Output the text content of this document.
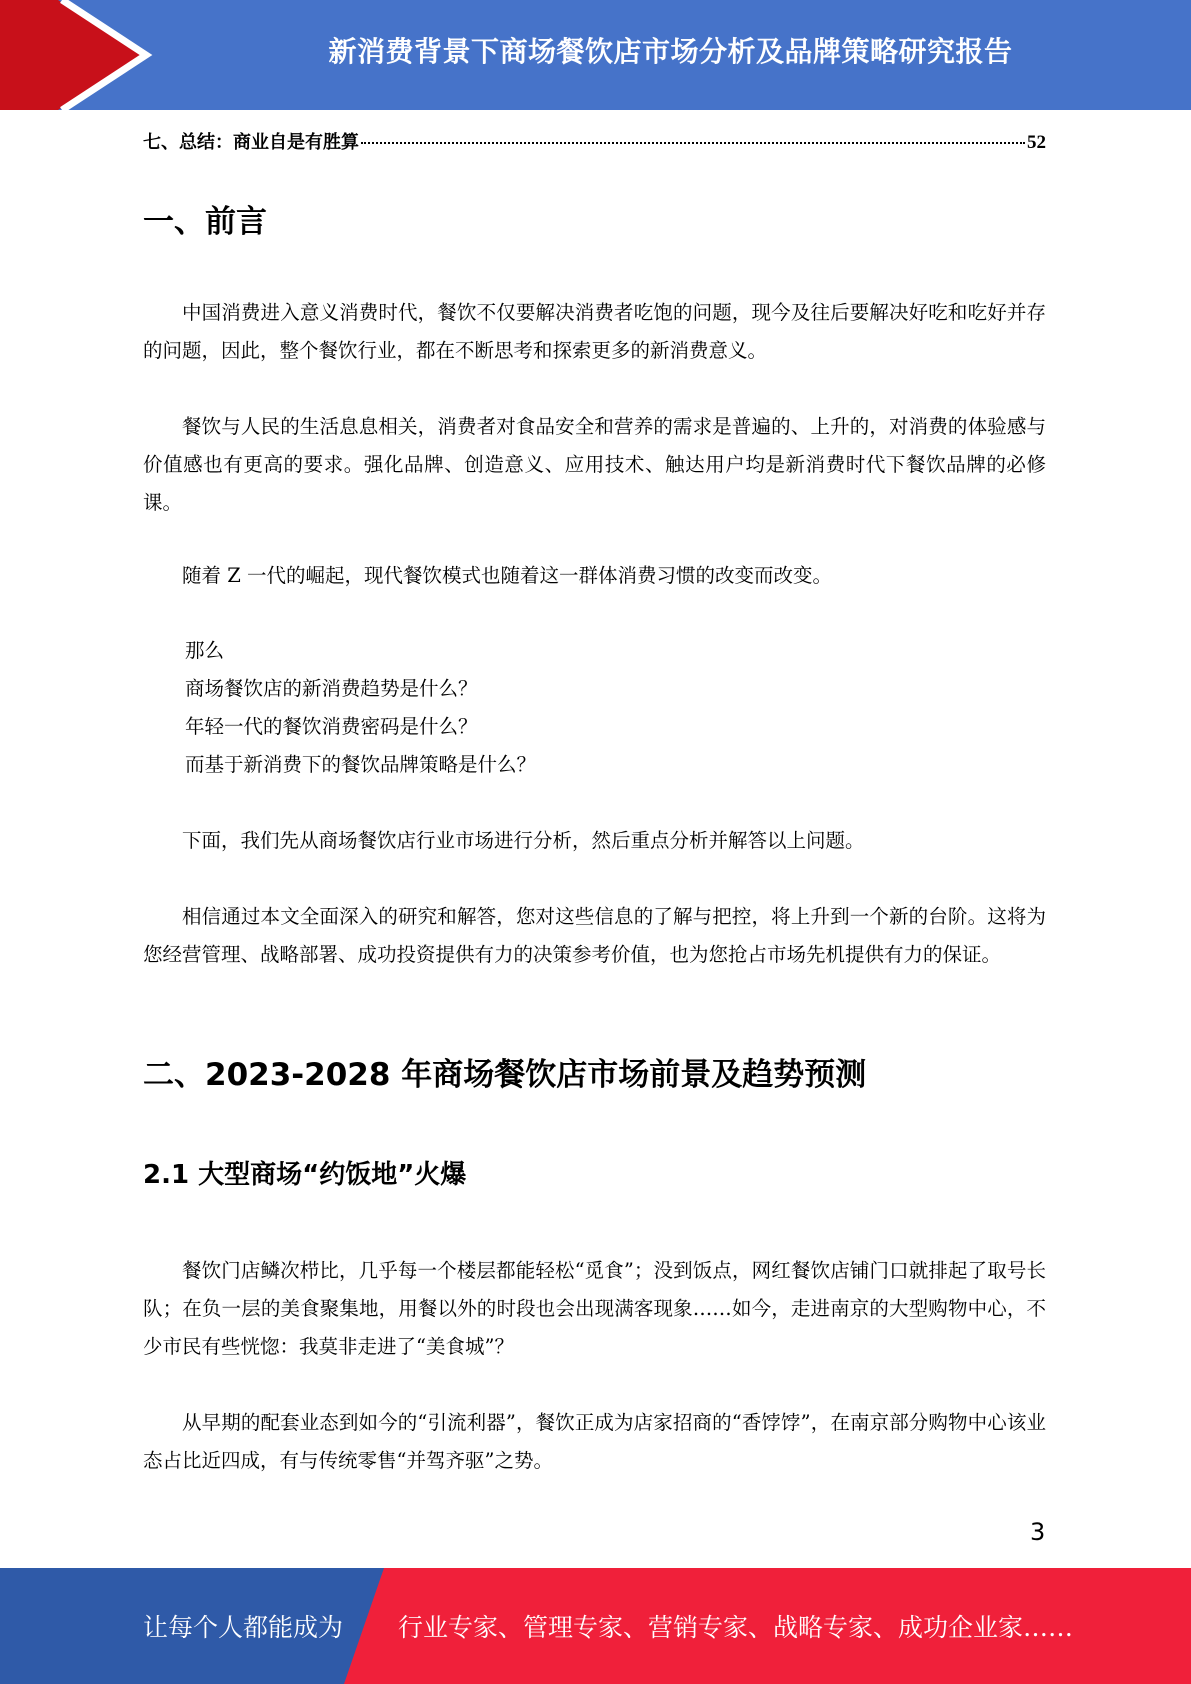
新消费背景下商场餐饮店市场分析及品牌策略研究报告
七、总结：商业自是有胜算	52
一、前言

中国消费进入意义消费时代，餐饮不仅要解决消费者吃饱的问题，现今及往后要解决好吃和吃好并存的问题，因此，整个餐饮行业，都在不断思考和探索更多的新消费意义。

餐饮与人民的生活息息相关，消费者对食品安全和营养的需求是普遍的、上升的，对消费的体验感与价值感也有更高的要求。强化品牌、创造意义、应用技术、触达用户均是新消费时代下餐饮品牌的必修课。

随着 Z 一代的崛起，现代餐饮模式也随着这一群体消费习惯的改变而改变。

那么

商场餐饮店的新消费趋势是什么？

年轻一代的餐饮消费密码是什么？

而基于新消费下的餐饮品牌策略是什么？

下面，我们先从商场餐饮店行业市场进行分析，然后重点分析并解答以上问题。

相信通过本文全面深入的研究和解答，您对这些信息的了解与把控，将上升到一个新的台阶。这将为您经营管理、战略部署、成功投资提供有力的决策参考价值，也为您抢占市场先机提供有力的保证。

二、2023-2028 年商场餐饮店市场前景及趋势预测
2.1 大型商场“约饭地”火爆

餐饮门店鳞次栉比，几乎每一个楼层都能轻松“觅食”；没到饭点，网红餐饮店铺门口就排起了取号长队；在负一层的美食聚集地，用餐以外的时段也会出现满客现象……如今，走进南京的大型购物中心，不少市民有些恍惚：我莫非走进了“美食城”？

从早期的配套业态到如今的“引流利器”，餐饮正成为店家招商的“香饽饽”，在南京部分购物中心该业态占比近四成，有与传统零售“并驾齐驱”之势。

3
让每个人都能成为 行业专家、管理专家、营销专家、战略专家、成功企业家……
